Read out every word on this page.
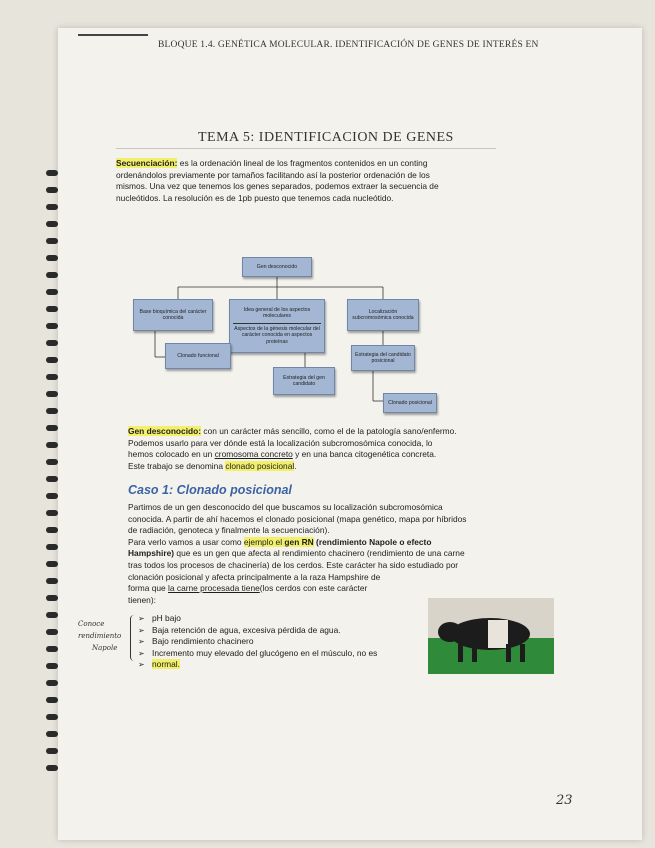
BLOQUE 1.4. GENÉTICA MOLECULAR. IDENTIFICACIÓN DE GENES DE INTERÉS EN
TEMA 5: IDENTIFICACION DE GENES
Secuenciación: es la ordenación lineal de los fragmentos contenidos en un conting
ordenándolos previamente por tamaños facilitando así la posterior ordenación de los
mismos. Una vez que tenemos los genes separados, podemos extraer la secuencia de
nucleótidos. La resolución es de 1pb puesto que tenemos cada nucleótido.
Gen desconocido
Base bioquímica del carácter conocida
Idea general de los aspectos moleculares
Aspectos de la génesis molecular del carácter conocida en aspectos proteínas
Localización subcromosómica conocida
Clonado funcional
Estrategia del gen candidato
Estrategia del candidato posicional
Clonado posicional
Gen desconocido: con un carácter más sencillo, como el de la patología sano/enfermo.
Podemos usarlo para ver dónde está la localización subcromosómica conocida, lo
hemos colocado en un cromosoma concreto y en una banca citogenética concreta.
Este trabajo se denomina clonado posicional.
Caso 1: Clonado posicional
Partimos de un gen desconocido del que buscamos su localización subcromosómica
conocida. A partir de ahí hacemos el clonado posicional (mapa genético, mapa por híbridos
de radiación, genoteca y finalmente la secuenciación).
Para verlo vamos a usar como ejemplo el gen RN (rendimiento Napole o efecto
Hampshire) que es un gen que afecta al rendimiento chacinero (rendimiento de una carne
tras todos los procesos de chacinería) de los cerdos. Este carácter ha sido estudiado por
clonación posicional y afecta principalmente a la raza Hampshire de
forma que la carne procesada tiene(los cerdos con este carácter
tienen):
Conoce
rendimiento
Napole
➢ pH bajo
➢ Baja retención de agua, excesiva pérdida de agua.
➢ Bajo rendimiento chacinero
➢ Incremento muy elevado del glucógeno en el músculo, no es
➢ normal.
23
